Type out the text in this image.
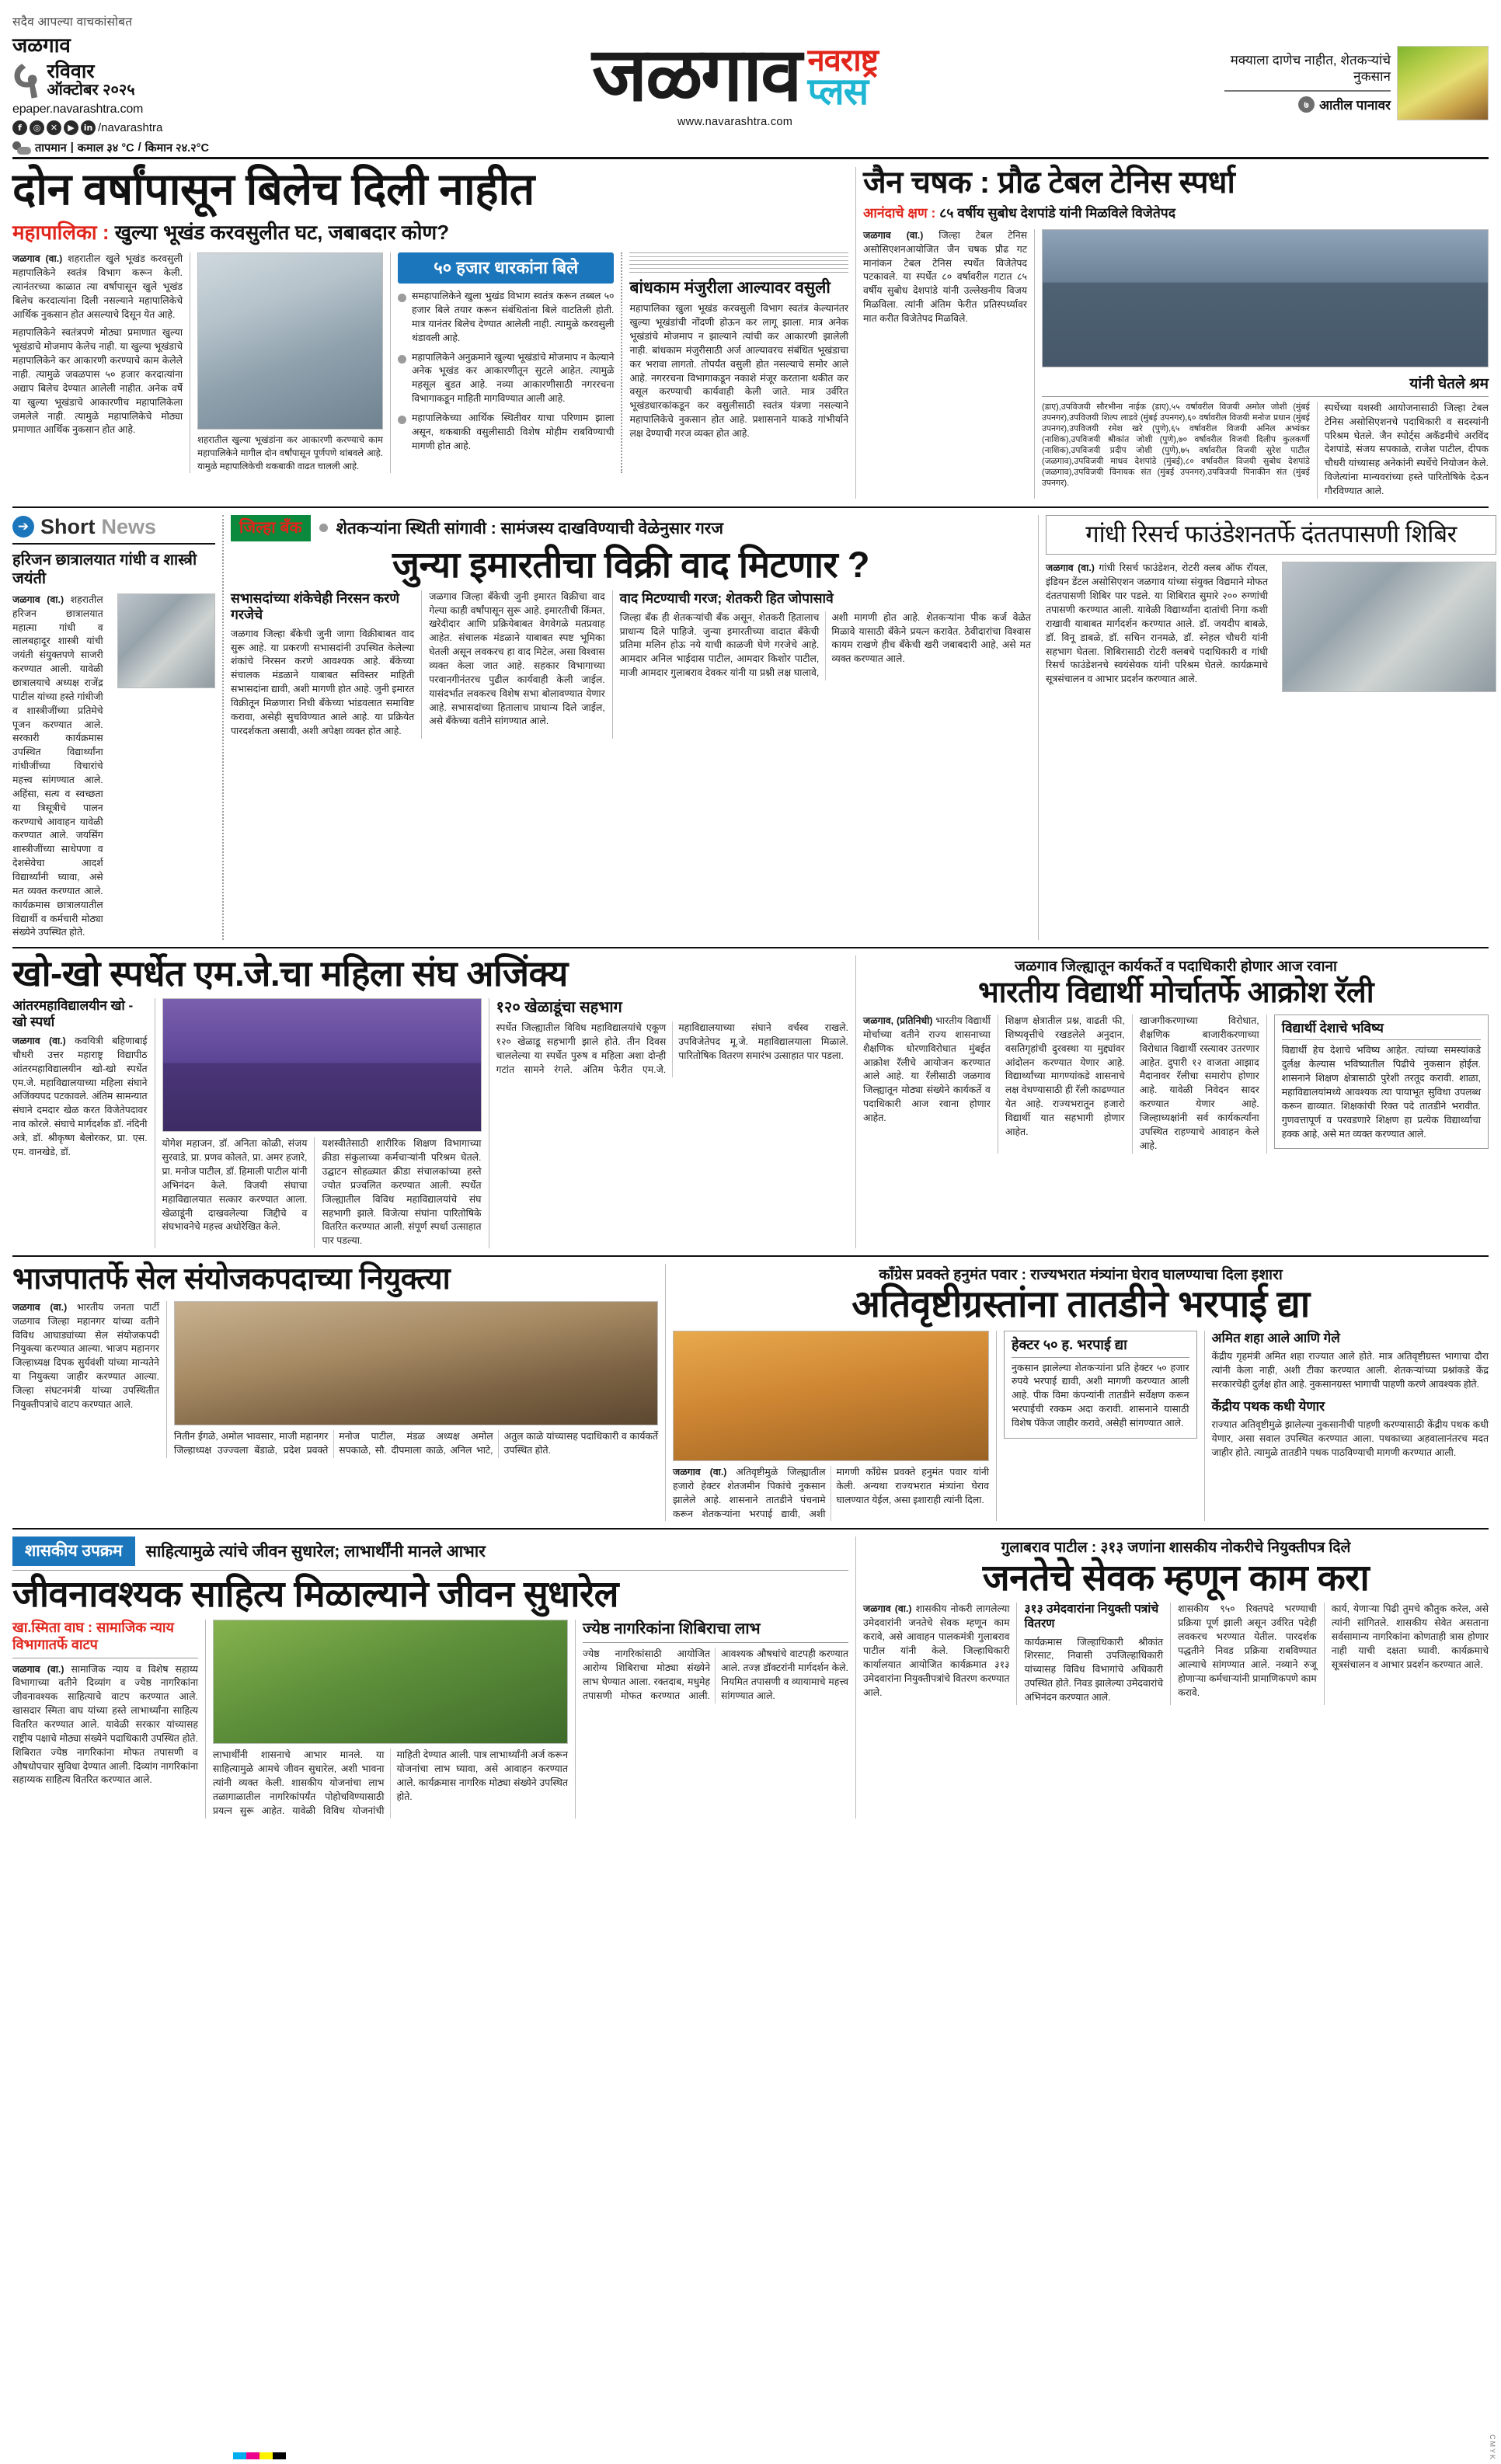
सदैव आपल्या वाचकांसोबत
जळगाव
५ रविवार
ऑक्टोबर २०२५
epaper.navarashtra.com
f	◎	✕	▶	in /navarashtra
तापमान | कमाल ३४ °C / किमान २४.२°C
जळगाव नवराष्ट्र
प्लस
www.navarashtra.com
मक्याला दाणेच नाहीत, शेतकऱ्यांचे नुकसान
७ आतील पानावर
दोन वर्षांपासून बिलेच दिली नाहीत
महापालिका : खुल्या भूखंड करवसुलीत घट, जबाबदार कोण?
जळगाव (वा.) शहरातील खुले भूखंड करवसुली महापालिकेने स्वतंत्र विभाग करून केली. त्यानंतरच्या काळात त्या वर्षापासून खुले भूखंड बिलेच करदात्यांना दिली नसल्याने महापालिकेचे आर्थिक नुकसान होत असल्याचे दिसून येत आहे.
महापालिकेने स्वतंत्रपणे मोठ्या प्रमाणात खुल्या भूखंडाचे मोजमाप केलेच नाही. या खुल्या भूखंडाचे महापालिकेने कर आकारणी करण्याचे काम केलेले नाही. त्यामुळे जवळपास ५० हजार करदात्यांना अद्याप बिलेच देण्यात आलेली नाहीत. अनेक वर्षे या खुल्या भूखंडाचे आकारणीच महापालिकेला जमलेले नाही. त्यामुळे महापालिकेचे मोठ्या प्रमाणात आर्थिक नुकसान होत आहे.
शहरातील खुल्या भूखंडांना कर आकारणी करण्याचे काम महापालिकेने मागील दोन वर्षांपासून पूर्णपणे थांबवले आहे. यामुळे महापालिकेची थकबाकी वाढत चालली आहे.
५० हजार धारकांना बिले
समहापालिकेने खुला भुखंड विभाग स्वतंत्र करून तब्बल ५० हजार बिले तयार करून संबंधितांना बिले वाटतिली होती. मात्र यानंतर बिलेच देण्यात आलेली नाही. त्यामुळे करवसुली थंडावली आहे.
महापालिकेने अनुक्रमाने खुल्या भूखंडांचे मोजमाप न केल्याने अनेक भूखंड कर आकारणीतून सुटले आहेत. त्यामुळे महसूल बुडत आहे. नव्या आकारणीसाठी नगररचना विभागाकडून माहिती मागविण्यात आली आहे.
महापालिकेच्या आर्थिक स्थितीवर याचा परिणाम झाला असून, थकबाकी वसुलीसाठी विशेष मोहीम राबविण्याची मागणी होत आहे.
बांधकाम मंजुरीला आल्यावर वसुली
महापालिका खुला भूखंड करवसुली विभाग स्वतंत्र केल्यानंतर खुल्या भूखंडांची नोंदणी होऊन कर लागू झाला. मात्र अनेक भूखंडांचे मोजमाप न झाल्याने त्यांची कर आकारणी झालेली नाही. बांधकाम मंजुरीसाठी अर्ज आल्यावरच संबंधित भूखंडाचा कर भरावा लागतो. तोपर्यंत वसुली होत नसल्याचे समोर आले आहे. नगररचना विभागाकडून नकाशे मंजूर करताना थकीत कर वसूल करण्याची कार्यवाही केली जाते. मात्र उर्वरित भूखंडधारकांकडून कर वसुलीसाठी स्वतंत्र यंत्रणा नसल्याने महापालिकेचे नुकसान होत आहे. प्रशासनाने याकडे गांभीर्याने लक्ष देण्याची गरज व्यक्त होत आहे.
जैन चषक : प्रौढ टेबल टेनिस स्पर्धा
आनंदाचे क्षण : ८५ वर्षीय सुबोध देशपांडे यांनी मिळविले विजेतेपद
जळगाव (वा.) जिल्हा टेबल टेनिस असोसिएशनआयोजित जैन चषक प्रौढ गट मानांकन टेबल टेनिस स्पर्धेत विजेतेपद पटकावले. या स्पर्धेत ८० वर्षावरील गटात ८५ वर्षीय सुबोध देशपांडे यांनी उल्लेखनीय विजय मिळविला. त्यांनी अंतिम फेरीत प्रतिस्पर्ध्यावर मात करीत विजेतेपद मिळविले.
यांनी घेतले श्रम
(डाए),उपविजयी सौरभीना नाईक (डाए),५५ वर्षावरील विजयी अमोल जोशी (मुंबई उपनगर),उपविजयी शिल्प लाडवे (मुंबई उपनगर),६० वर्षावरील विजयी मनोज प्रधान (मुंबई उपनगर),उपविजयी रमेश खरे (पुणे),६५ वर्षावरील विजयी अनिल अभ्यंकर (नाशिक),उपविजयी श्रीकांत जोशी (पुणे),७० वर्षावरील विजयी दिलीप कुलकर्णी (नाशिक),उपविजयी प्रदीप जोशी (पुणे),७५ वर्षावरील विजयी सुरेश पाटील (जळगाव),उपविजयी माधव देशपांडे (मुंबई),८० वर्षावरील विजयी सुबोध देशपांडे (जळगाव),उपविजयी विनायक संत (मुंबई उपनगर),उपविजयी पिनाकीन संत (मुंबई उपनगर).
स्पर्धेच्या यशस्वी आयोजनासाठी जिल्हा टेबल टेनिस असोसिएशनचे पदाधिकारी व सदस्यांनी परिश्रम घेतले. जैन स्पोर्ट्स अकॅडमीचे अरविंद देशपांडे, संजय सपकाळे, राजेश पाटील, दीपक चौधरी यांच्यासह अनेकांनी स्पर्धेचे नियोजन केले. विजेत्यांना मान्यवरांच्या हस्ते पारितोषिके देऊन गौरविण्यात आले.
➔ Short News
हरिजन छात्रालयात गांधी व शास्त्री जयंती
जळगाव (वा.) शहरातील हरिजन छात्रालयात महात्मा गांधी व लालबहादूर शास्त्री यांची जयंती संयुक्तपणे साजरी करण्यात आली. यावेळी छात्रालयाचे अध्यक्ष राजेंद्र पाटील यांच्या हस्ते गांधीजी व शास्त्रीजींच्या प्रतिमेचे पूजन करण्यात आले. सरकारी कार्यक्रमास उपस्थित विद्यार्थ्यांना गांधीजींच्या विचारांचे महत्त्व सांगण्यात आले. अहिंसा, सत्य व स्वच्छता या त्रिसूत्रीचे पालन करण्याचे आवाहन यावेळी करण्यात आले. जयसिंग शास्त्रीजींच्या साधेपणा व देशसेवेचा आदर्श विद्यार्थ्यांनी घ्यावा, असे मत व्यक्त करण्यात आले. कार्यक्रमास छात्रालयातील विद्यार्थी व कर्मचारी मोठ्या संख्येने उपस्थित होते.
जिल्हा बँक	शेतकऱ्यांना स्थिती सांगावी : सामंजस्य दाखविण्याची वेळेनुसार गरज
जुन्या इमारतीचा विक्री वाद मिटणार ?
सभासदांच्या शंकेचेही निरसन करणे गरजेचे
जळगाव जिल्हा बँकेची जुनी जागा विक्रीबाबत वाद सुरू आहे. या प्रकरणी सभासदांनी उपस्थित केलेल्या शंकांचे निरसन करणे आवश्यक आहे. बँकेच्या संचालक मंडळाने याबाबत सविस्तर माहिती सभासदांना द्यावी, अशी मागणी होत आहे. जुनी इमारत विक्रीतून मिळणारा निधी बँकेच्या भांडवलात समाविष्ट करावा, असेही सुचविण्यात आले आहे. या प्रक्रियेत पारदर्शकता असावी, अशी अपेक्षा व्यक्त होत आहे.
जळगाव जिल्हा बँकेची जुनी इमारत विक्रीचा वाद गेल्या काही वर्षांपासून सुरू आहे. इमारतीची किंमत, खरेदीदार आणि प्रक्रियेबाबत वेगवेगळे मतप्रवाह आहेत. संचालक मंडळाने याबाबत स्पष्ट भूमिका घेतली असून लवकरच हा वाद मिटेल, असा विश्वास व्यक्त केला जात आहे. सहकार विभागाच्या परवानगीनंतरच पुढील कार्यवाही केली जाईल. यासंदर्भात लवकरच विशेष सभा बोलावण्यात येणार आहे. सभासदांच्या हितालाच प्राधान्य दिले जाईल, असे बँकेच्या वतीने सांगण्यात आले.
वाद मिटण्याची गरज; शेतकरी हित जोपासावे
जिल्हा बँक ही शेतकऱ्यांची बँक असून, शेतकरी हितालाच प्राधान्य दिले पाहिजे. जुन्या इमारतीच्या वादात बँकेची प्रतिमा मलिन होऊ नये याची काळजी घेणे गरजेचे आहे. आमदार अनिल भाईदास पाटील, आमदार किशोर पाटील, माजी आमदार गुलाबराव देवकर यांनी या प्रश्नी लक्ष घालावे, अशी मागणी होत आहे. शेतकऱ्यांना पीक कर्ज वेळेत मिळावे यासाठी बँकेने प्रयत्न करावेत. ठेवीदारांचा विश्वास कायम राखणे हीच बँकेची खरी जबाबदारी आहे, असे मत व्यक्त करण्यात आले.
गांधी रिसर्च फाउंडेशनतर्फे दंततपासणी शिबिर
जळगाव (वा.) गांधी रिसर्च फाउंडेशन, रोटरी क्लब ऑफ रॉयल, इंडियन डेंटल असोसिएशन जळगाव यांच्या संयुक्त विद्यमाने मोफत दंततपासणी शिबिर पार पडले. या शिबिरात सुमारे २०० रुग्णांची तपासणी करण्यात आली. यावेळी विद्यार्थ्यांना दातांची निगा कशी राखावी याबाबत मार्गदर्शन करण्यात आले. डॉ. जयदीप बाबळे, डॉ. विनू डाबळे, डॉ. सचिन रानमळे, डॉ. स्नेहल चौधरी यांनी सहभाग घेतला. शिबिरासाठी रोटरी क्लबचे पदाधिकारी व गांधी रिसर्च फाउंडेशनचे स्वयंसेवक यांनी परिश्रम घेतले. कार्यक्रमाचे सूत्रसंचालन व आभार प्रदर्शन करण्यात आले.
खो-खो स्पर्धेत एम.जे.चा महिला संघ अजिंक्य
आंतरमहाविद्यालयीन खो - खो स्पर्धा
जळगाव (वा.) कवयित्री बहिणाबाई चौधरी उत्तर महाराष्ट्र विद्यापीठ आंतरमहाविद्यालयीन खो-खो स्पर्धेत एम.जे. महाविद्यालयाच्या महिला संघाने अजिंक्यपद पटकावले. अंतिम सामन्यात संघाने दमदार खेळ करत विजेतेपदावर नाव कोरले. संघाचे मार्गदर्शक डॉ. नंदिनी अत्रे, डॉ. श्रीकृष्ण बेलोरकर, प्रा. एस. एम. वानखेडे, डॉ.
योगेश महाजन, डॉ. अनिता कोळी, संजय सुरवाडे, प्रा. प्रणव कोलते, प्रा. अमर हजारे, प्रा. मनोज पाटील, डॉ. हिमाली पाटील यांनी अभिनंदन केले. विजयी संघाचा महाविद्यालयात सत्कार करण्यात आला. खेळाडूंनी दाखवलेल्या जिद्दीचे व संघभावनेचे महत्त्व अधोरेखित केले.
यशस्वीतेसाठी शारीरिक शिक्षण विभागाच्या क्रीडा संकुलाच्या कर्मचाऱ्यांनी परिश्रम घेतले. उद्घाटन सोहळ्यात क्रीडा संचालकांच्या हस्ते ज्योत प्रज्वलित करण्यात आली. स्पर्धेत जिल्ह्यातील विविध महाविद्यालयांचे संघ सहभागी झाले. विजेत्या संघांना पारितोषिके वितरित करण्यात आली. संपूर्ण स्पर्धा उत्साहात पार पडल्या.
१२० खेळाडूंचा सहभाग
स्पर्धेत जिल्ह्यातील विविध महाविद्यालयांचे एकूण १२० खेळाडू सहभागी झाले होते. तीन दिवस चाललेल्या या स्पर्धेत पुरुष व महिला अशा दोन्ही गटांत सामने रंगले. अंतिम फेरीत एम.जे. महाविद्यालयाच्या संघाने वर्चस्व राखले. उपविजेतेपद मू.जे. महाविद्यालयाला मिळाले. पारितोषिक वितरण समारंभ उत्साहात पार पडला.
जळगाव जिल्ह्यातून कार्यकर्ते व पदाधिकारी होणार आज रवाना
भारतीय विद्यार्थी मोर्चातर्फे आक्रोश रॅली
जळगाव, (प्रतिनिधी) भारतीय विद्यार्थी मोर्चाच्या वतीने राज्य शासनाच्या शैक्षणिक धोरणाविरोधात मुंबईत आक्रोश रॅलीचे आयोजन करण्यात आले आहे. या रॅलीसाठी जळगाव जिल्ह्यातून मोठ्या संख्येने कार्यकर्ते व पदाधिकारी आज रवाना होणार आहेत.
शिक्षण क्षेत्रातील प्रश्न, वाढती फी, शिष्यवृत्तीचे रखडलेले अनुदान, वसतिगृहांची दुरवस्था या मुद्द्यांवर आंदोलन करण्यात येणार आहे. विद्यार्थ्यांच्या मागण्यांकडे शासनाचे लक्ष वेधण्यासाठी ही रॅली काढण्यात येत आहे. राज्यभरातून हजारो विद्यार्थी यात सहभागी होणार आहेत.
खाजगीकरणाच्या विरोधात, शैक्षणिक बाजारीकरणाच्या विरोधात विद्यार्थी रस्त्यावर उतरणार आहेत. दुपारी १२ वाजता आझाद मैदानावर रॅलीचा समारोप होणार आहे. यावेळी निवेदन सादर करण्यात येणार आहे. जिल्हाध्यक्षांनी सर्व कार्यकर्त्यांना उपस्थित राहण्याचे आवाहन केले आहे.
विद्यार्थी देशाचे भविष्य
विद्यार्थी हेच देशाचे भविष्य आहेत. त्यांच्या समस्यांकडे दुर्लक्ष केल्यास भविष्यातील पिढीचे नुकसान होईल. शासनाने शिक्षण क्षेत्रासाठी पुरेशी तरतूद करावी. शाळा, महाविद्यालयांमध्ये आवश्यक त्या पायाभूत सुविधा उपलब्ध करून द्याव्यात. शिक्षकांची रिक्त पदे तातडीने भरावीत. गुणवत्तापूर्ण व परवडणारे शिक्षण हा प्रत्येक विद्यार्थ्याचा हक्क आहे, असे मत व्यक्त करण्यात आले.
भाजपातर्फे सेल संयोजकपदाच्या नियुक्त्या
जळगाव (वा.) भारतीय जनता पार्टी जळगाव जिल्हा महानगर यांच्या वतीने विविध आघाड्यांच्या सेल संयोजकपदी नियुक्त्या करण्यात आल्या. भाजप महानगर जिल्हाध्यक्ष दिपक सुर्यवंशी यांच्या मान्यतेने या नियुक्त्या जाहीर करण्यात आल्या. जिल्हा संघटनमंत्री यांच्या उपस्थितीत नियुक्तीपत्रांचे वाटप करण्यात आले.
नितीन ईगळे, अमोल भावसार, माजी महानगर जिल्हाध्यक्ष उज्ज्वला बेंडाळे, प्रदेश प्रवक्ते मनोज पाटील, मंडळ अध्यक्ष अमोल सपकाळे, सौ. दीपमाला काळे, अनिल भाटे, अतुल काळे यांच्यासह पदाधिकारी व कार्यकर्ते उपस्थित होते.
काँग्रेस प्रवक्ते हनुमंत पवार : राज्यभरात मंत्र्यांना घेराव घालण्याचा दिला इशारा
अतिवृष्टीग्रस्तांना तातडीने भरपाई द्या
जळगाव (वा.) अतिवृष्टीमुळे जिल्ह्यातील हजारो हेक्टर शेतजमीन पिकांचे नुकसान झालेले आहे. शासनाने तातडीने पंचनामे करून शेतकऱ्यांना भरपाई द्यावी, अशी मागणी काँग्रेस प्रवक्ते हनुमंत पवार यांनी केली. अन्यथा राज्यभरात मंत्र्यांना घेराव घालण्यात येईल, असा इशाराही त्यांनी दिला.
हेक्टर ५० ह. भरपाई द्या
नुकसान झालेल्या शेतकऱ्यांना प्रति हेक्टर ५० हजार रुपये भरपाई द्यावी, अशी मागणी करण्यात आली आहे. पीक विमा कंपन्यांनी तातडीने सर्वेक्षण करून भरपाईची रक्कम अदा करावी. शासनाने यासाठी विशेष पॅकेज जाहीर करावे, असेही सांगण्यात आले.
अमित शहा आले आणि गेले
केंद्रीय गृहमंत्री अमित शहा राज्यात आले होते. मात्र अतिवृष्टीग्रस्त भागाचा दौरा त्यांनी केला नाही, अशी टीका करण्यात आली. शेतकऱ्यांच्या प्रश्नांकडे केंद्र सरकारचेही दुर्लक्ष होत आहे. नुकसानग्रस्त भागाची पाहणी करणे आवश्यक होते.
केंद्रीय पथक कधी येणार
राज्यात अतिवृष्टीमुळे झालेल्या नुकसानीची पाहणी करण्यासाठी केंद्रीय पथक कधी येणार, असा सवाल उपस्थित करण्यात आला. पथकाच्या अहवालानंतरच मदत जाहीर होते. त्यामुळे तातडीने पथक पाठविण्याची मागणी करण्यात आली.
शासकीय उपक्रम	साहित्यामुळे त्यांचे जीवन सुधारेल; लाभार्थींनी मानले आभार
जीवनावश्यक साहित्य मिळाल्याने जीवन सुधारेल
खा.स्मिता वाघ : सामाजिक न्याय विभागातर्फे वाटप
जळगाव (वा.) सामाजिक न्याय व विशेष सहाय्य विभागाच्या वतीने दिव्यांग व ज्येष्ठ नागरिकांना जीवनावश्यक साहित्याचे वाटप करण्यात आले. खासदार स्मिता वाघ यांच्या हस्ते लाभार्थ्यांना साहित्य वितरित करण्यात आले. यावेळी सरकार यांच्यासह राष्ट्रीय पक्षाचे मोठ्या संख्येने पदाधिकारी उपस्थित होते. शिबिरात ज्येष्ठ नागरिकांना मोफत तपासणी व औषधोपचार सुविधा देण्यात आली. दिव्यांग नागरिकांना सहाय्यक साहित्य वितरित करण्यात आले.
लाभार्थींनी शासनाचे आभार मानले. या साहित्यामुळे आमचे जीवन सुधारेल, अशी भावना त्यांनी व्यक्त केली. शासकीय योजनांचा लाभ तळागाळातील नागरिकांपर्यंत पोहोचविण्यासाठी प्रयत्न सुरू आहेत. यावेळी विविध योजनांची माहिती देण्यात आली. पात्र लाभार्थ्यांनी अर्ज करून योजनांचा लाभ घ्यावा, असे आवाहन करण्यात आले. कार्यक्रमास नागरिक मोठ्या संख्येने उपस्थित होते.
ज्येष्ठ नागरिकांना शिबिराचा लाभ
ज्येष्ठ नागरिकांसाठी आयोजित आरोग्य शिबिराचा मोठ्या संख्येने लाभ घेण्यात आला. रक्तदाब, मधुमेह तपासणी मोफत करण्यात आली. आवश्यक औषधांचे वाटपही करण्यात आले. तज्ज्ञ डॉक्टरांनी मार्गदर्शन केले. नियमित तपासणी व व्यायामाचे महत्त्व सांगण्यात आले.
गुलाबराव पाटील : ३१३ जणांना शासकीय नोकरीचे नियुक्तीपत्र दिले
जनतेचे सेवक म्हणून काम करा
जळगाव (वा.) शासकीय नोकरी लागलेल्या उमेदवारांनी जनतेचे सेवक म्हणून काम करावे, असे आवाहन पालकमंत्री गुलाबराव पाटील यांनी केले. जिल्हाधिकारी कार्यालयात आयोजित कार्यक्रमात ३१३ उमेदवारांना नियुक्तीपत्रांचे वितरण करण्यात आले.
३१३ उमेदवारांना नियुक्ती पत्रांचे वितरण
कार्यक्रमास जिल्हाधिकारी श्रीकांत शिरसाट, निवासी उपजिल्हाधिकारी यांच्यासह विविध विभागांचे अधिकारी उपस्थित होते. निवड झालेल्या उमेदवारांचे अभिनंदन करण्यात आले.
शासकीय ९५० रिक्तपदे भरण्याची प्रक्रिया पूर्ण झाली असून उर्वरित पदेही लवकरच भरण्यात येतील. पारदर्शक पद्धतीने निवड प्रक्रिया राबविण्यात आल्याचे सांगण्यात आले. नव्याने रुजू होणाऱ्या कर्मचाऱ्यांनी प्रामाणिकपणे काम करावे.
कार्य, येणाऱ्या पिढी तुमचे कौतुक करेल, असे त्यांनी सांगितले. शासकीय सेवेत असताना सर्वसामान्य नागरिकांना कोणताही त्रास होणार नाही याची दक्षता घ्यावी. कार्यक्रमाचे सूत्रसंचालन व आभार प्रदर्शन करण्यात आले.
CMYK
